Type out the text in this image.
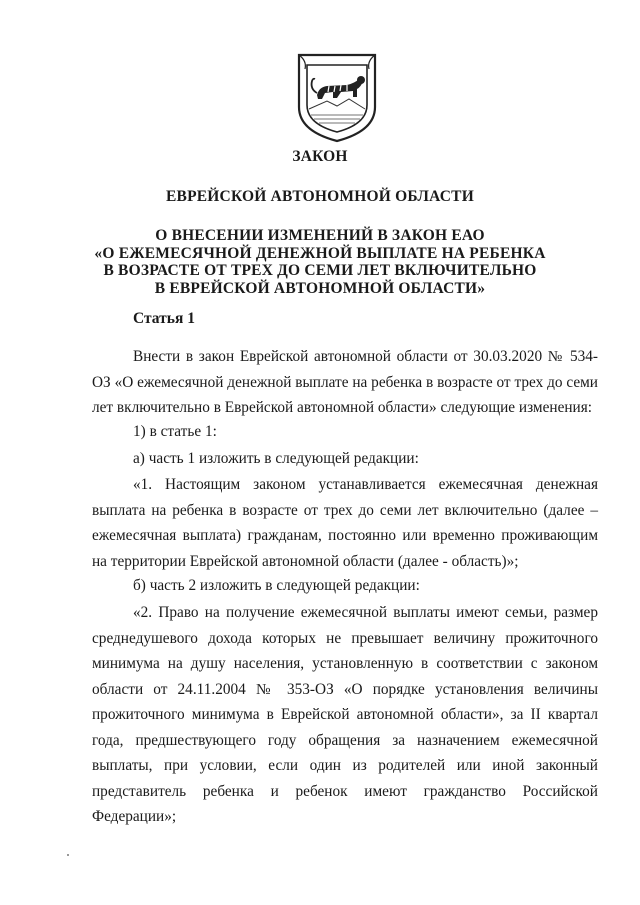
ЗАКОН
ЕВРЕЙСКОЙ АВТОНОМНОЙ ОБЛАСТИ
О ВНЕСЕНИИ ИЗМЕНЕНИЙ В ЗАКОН ЕАО
«О ЕЖЕМЕСЯЧНОЙ ДЕНЕЖНОЙ ВЫПЛАТЕ НА РЕБЕНКА
В ВОЗРАСТЕ ОТ ТРЕХ ДО СЕМИ ЛЕТ ВКЛЮЧИТЕЛЬНО
В ЕВРЕЙСКОЙ АВТОНОМНОЙ ОБЛАСТИ»
Статья 1
Внести в закон Еврейской автономной области от 30.03.2020 № 534-ОЗ «О ежемесячной денежной выплате на ребенка в возрасте от трех до семи лет включительно в Еврейской автономной области» следующие изменения:
1) в статье 1:
а) часть 1 изложить в следующей редакции:
«1. Настоящим законом устанавливается ежемесячная денежная выплата на ребенка в возрасте от трех до семи лет включительно (далее – ежемесячная выплата) гражданам, постоянно или временно проживающим на территории Еврейской автономной области (далее - область)»;
б) часть 2 изложить в следующей редакции:
«2. Право на получение ежемесячной выплаты имеют семьи, размер среднедушевого дохода которых не превышает величину прожиточного минимума на душу населения, установленную в соответствии с законом области от 24.11.2004 № 353-ОЗ «О порядке установления величины прожиточного минимума в Еврейской автономной области», за II квартал года, предшествующего году обращения за назначением ежемесячной выплаты, при условии, если один из родителей или иной законный представитель ребенка и ребенок имеют гражданство Российской Федерации»;
